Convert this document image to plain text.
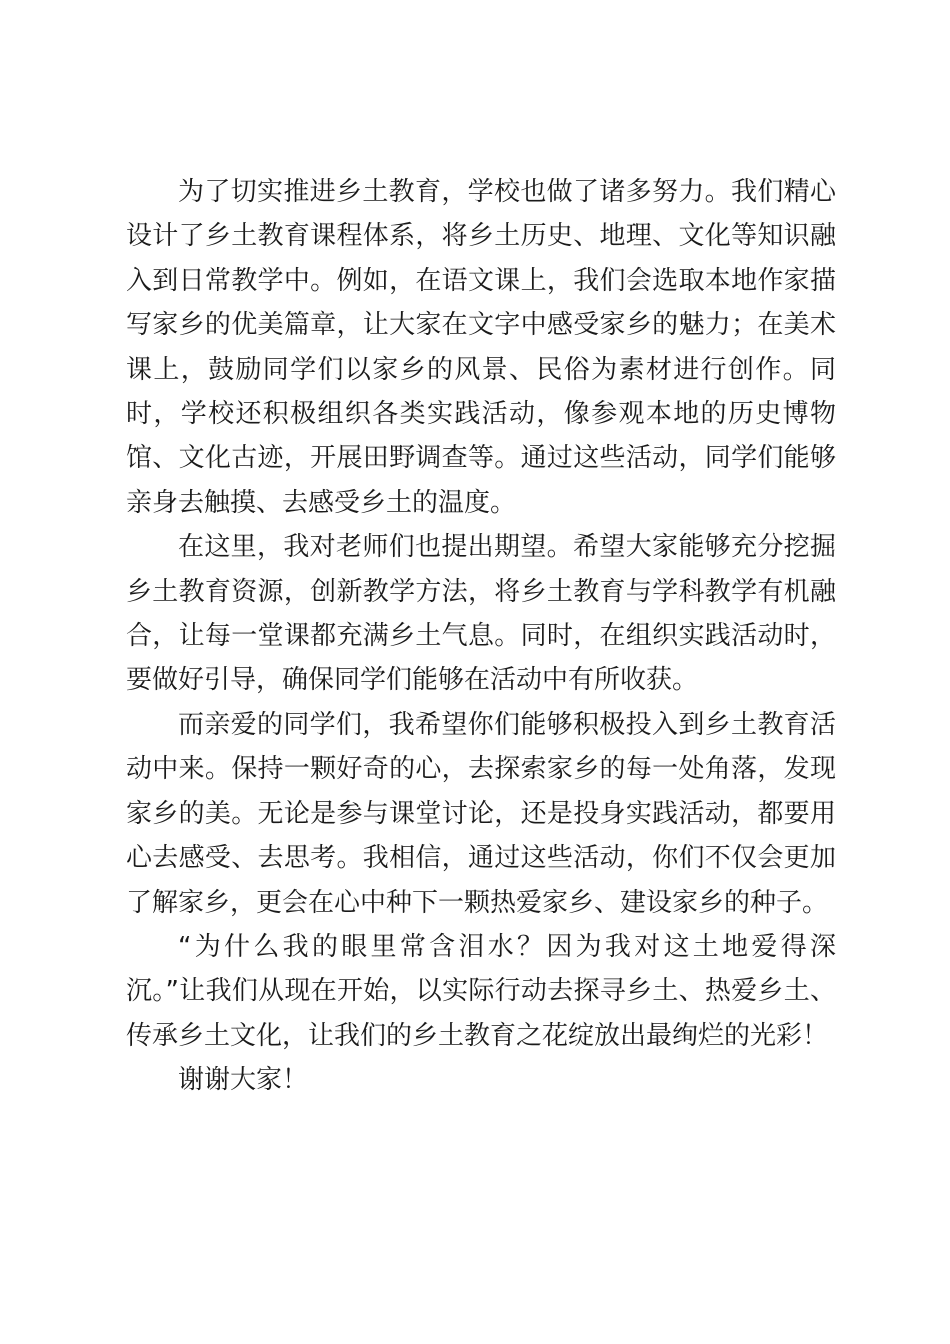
为了切实推进乡土教育，学校也做了诸多努力。我们精心设计了乡土教育课程体系，将乡土历史、地理、文化等知识融入到日常教学中。例如，在语文课上，我们会选取本地作家描写家乡的优美篇章，让大家在文字中感受家乡的魅力；在美术课上，鼓励同学们以家乡的风景、民俗为素材进行创作。同时，学校还积极组织各类实践活动，像参观本地的历史博物馆、文化古迹，开展田野调查等。通过这些活动，同学们能够亲身去触摸、去感受乡土的温度。

在这里，我对老师们也提出期望。希望大家能够充分挖掘乡土教育资源，创新教学方法，将乡土教育与学科教学有机融合，让每一堂课都充满乡土气息。同时，在组织实践活动时，要做好引导，确保同学们能够在活动中有所收获。

而亲爱的同学们，我希望你们能够积极投入到乡土教育活动中来。保持一颗好奇的心，去探索家乡的每一处角落，发现家乡的美。无论是参与课堂讨论，还是投身实践活动，都要用心去感受、去思考。我相信，通过这些活动，你们不仅会更加了解家乡，更会在心中种下一颗热爱家乡、建设家乡的种子。

“为什么我的眼里常含泪水？因为我对这土地爱得深沉。”让我们从现在开始，以实际行动去探寻乡土、热爱乡土、传承乡土文化，让我们的乡土教育之花绽放出最绚烂的光彩！

谢谢大家！
